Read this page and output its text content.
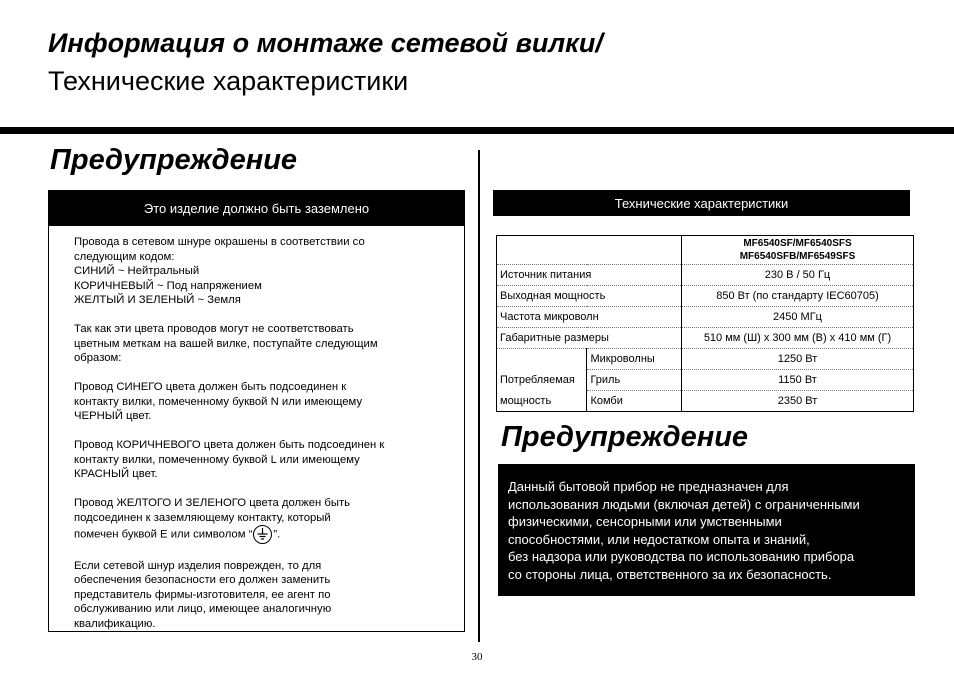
Информация о монтаже сетевой вилки/
Технические характеристики
Предупреждение
Это изделие должно быть заземлено

Провода в сетевом шнуре окрашены в соответствии со
следующим кодом:
СИНИЙ ~ Нейтральный
КОРИЧНЕВЫЙ ~ Под напряжением
ЖЕЛТЫЙ И ЗЕЛЕНЫЙ ~ Земля

Так как эти цвета проводов могут не соответствовать
цветным меткам на вашей вилке, поступайте следующим
образом:

Провод СИНЕГО цвета должен быть подсоединен к
контакту вилки, помеченному буквой N или имеющему
ЧЕРНЫЙ цвет.

Провод КОРИЧНЕВОГО цвета должен быть подсоединен к
контакту вилки, помеченному буквой L или имеющему
КРАСНЫЙ цвет.

Провод ЖЕЛТОГО И ЗЕЛЕНОГО цвета должен быть
подсоединен к заземляющему контакту, который
помечен буквой Е или символом “ ”.

Если сетевой шнур изделия поврежден, то для
обеспечения безопасности его должен заменить
представитель фирмы-изготовителя, ее агент по
обслуживанию или лицо, имеющее аналогичную
квалификацию.

Технические характеристики

		MF6540SF/MF6540SFS
MF6540SFB/MF6549SFS

Источник питания		230 В / 50 Гц
Выходная мощность		850 Вт (по стандарту IEC60705)
Частота микроволн		2450 МГц
Габаритные размеры		510 мм (Ш) x 300 мм (В) x 410 мм (Г)
	Микроволны	1250 Вт
Потребляемая	Гриль	1150 Вт
мощность	Комби	2350 Вт
Предупреждение
Данный бытовой прибор не предназначен для
использования людьми (включая детей) с ограниченными
физическими, сенсорными или умственными
способностями, или недостатком опыта и знаний,
без надзора или руководства по использованию прибора
со стороны лица, ответственного за их безопасность.
30
